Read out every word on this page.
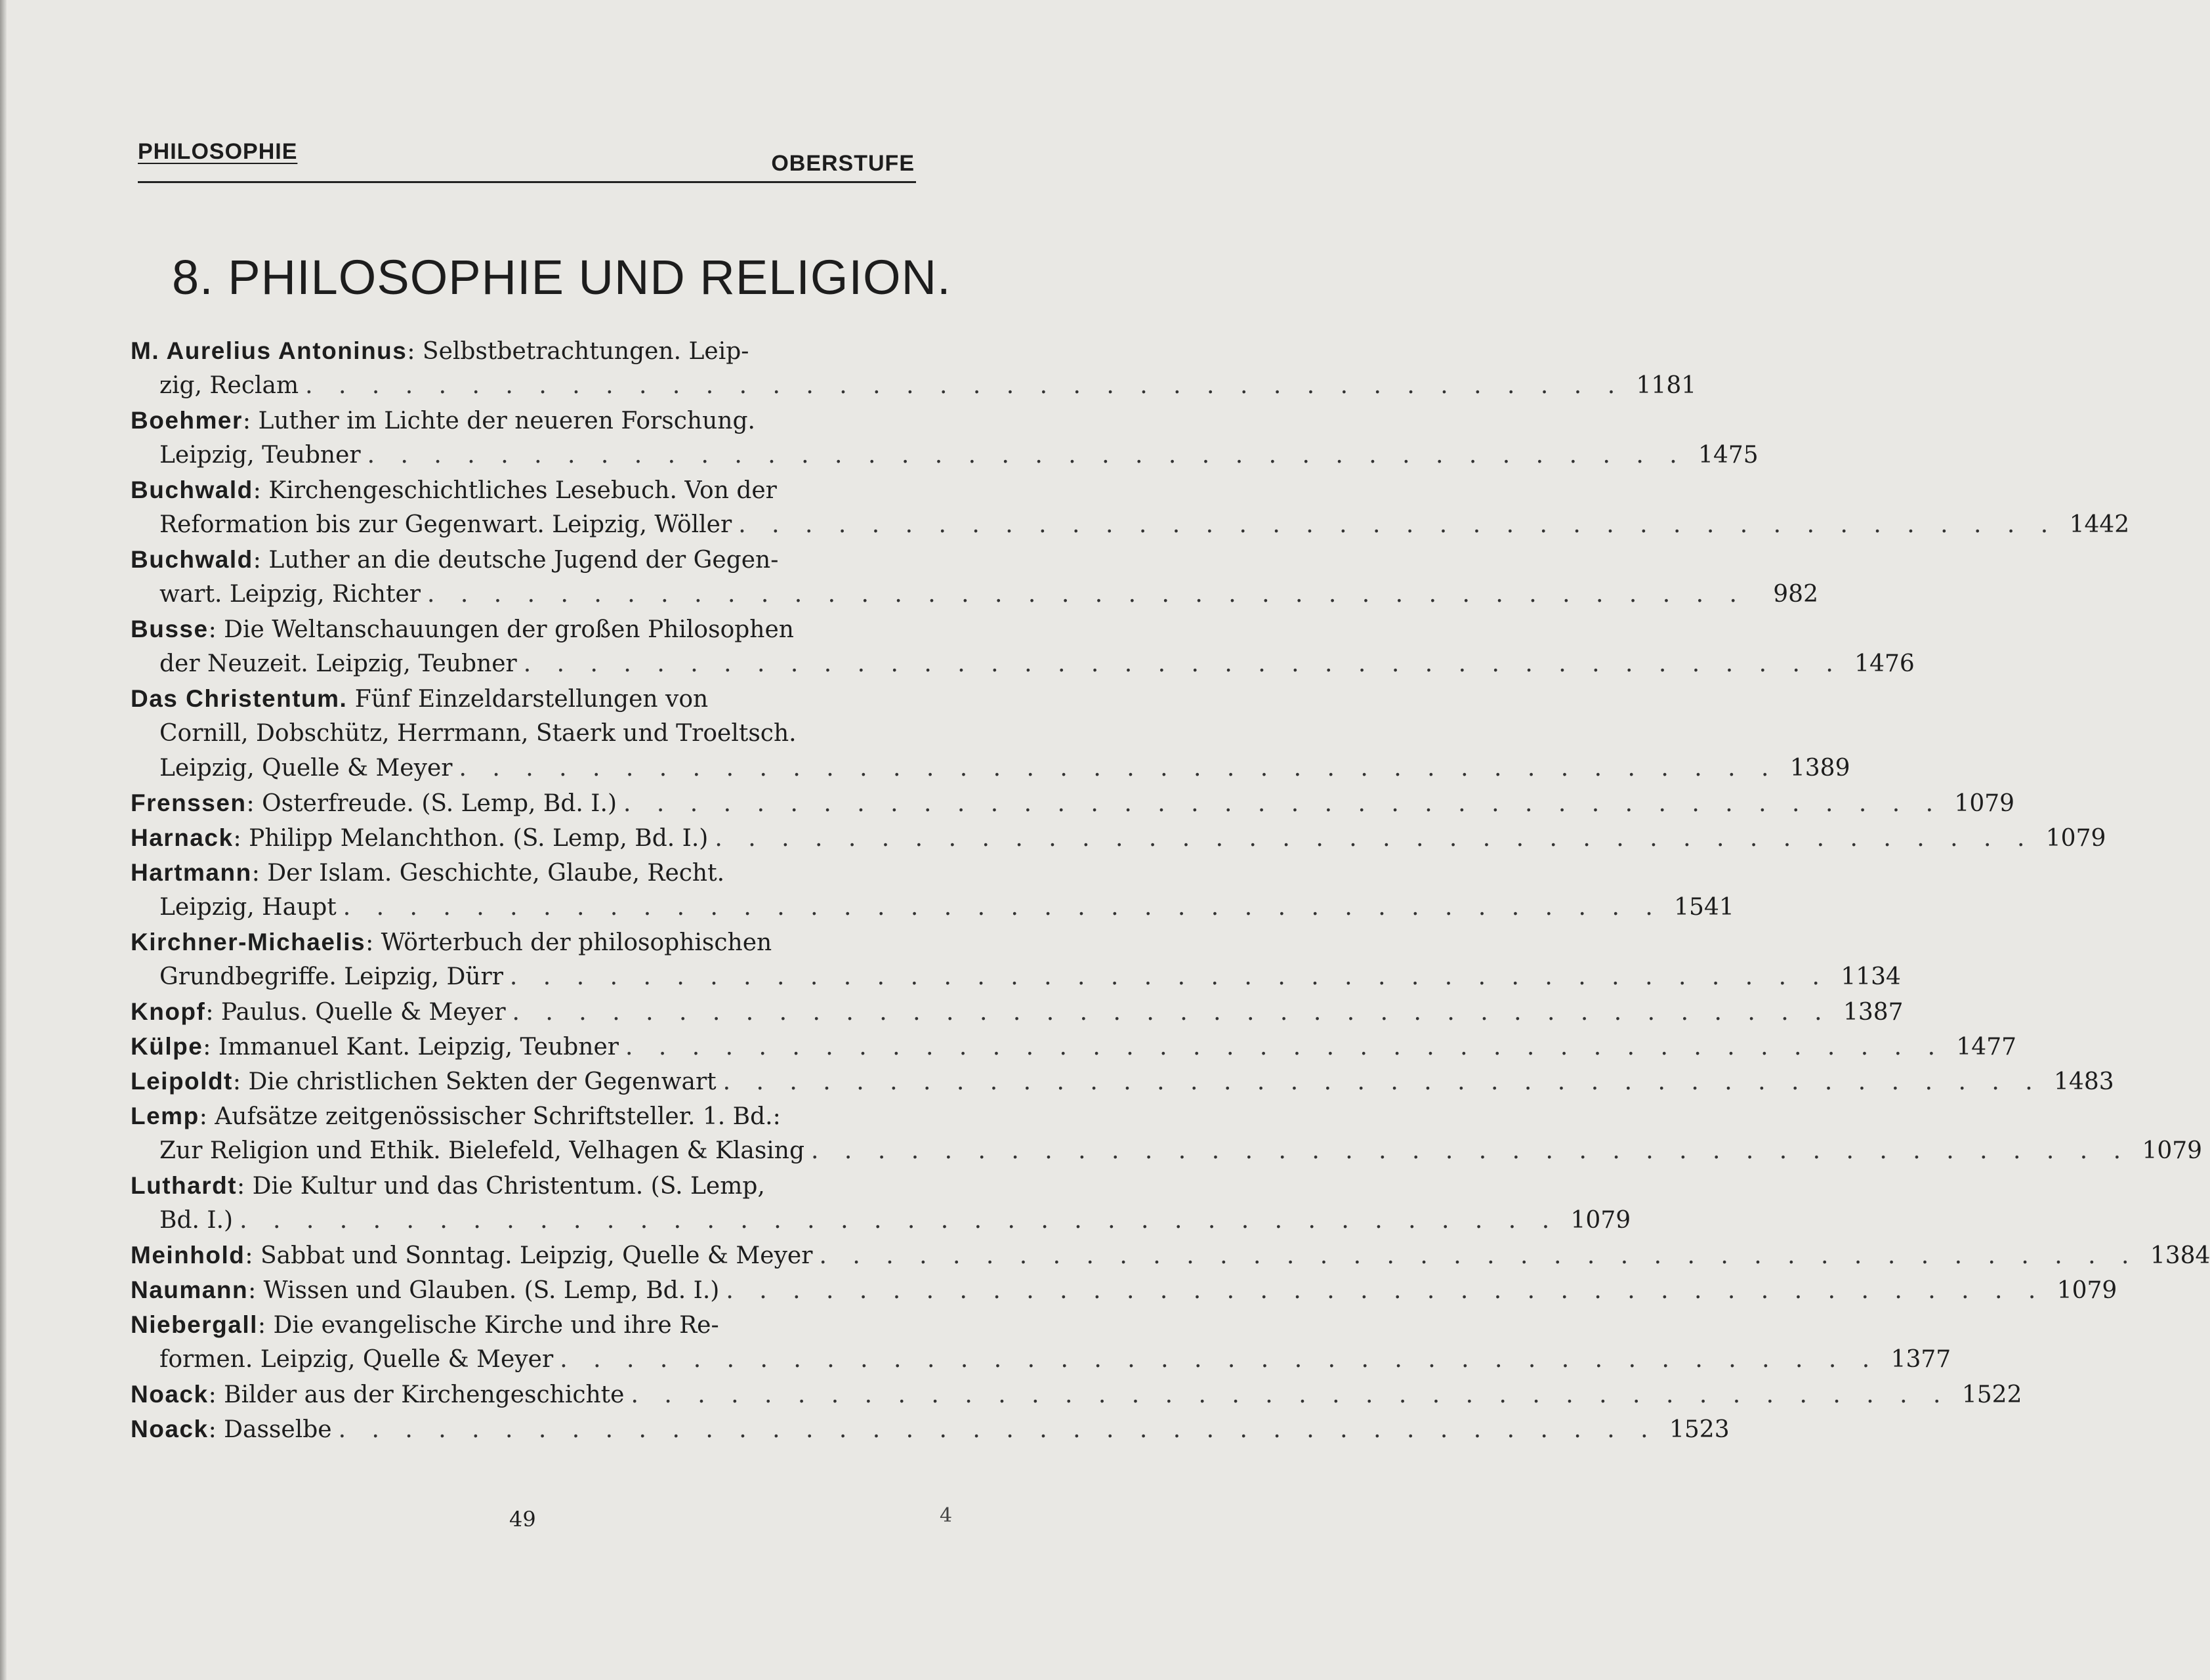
PHILOSOPHIE	OBERSTUFE
8. PHILOSOPHIE UND RELIGION.
M. Aurelius Antoninus: Selbstbetrachtungen. Leip-
zig, Reclam . . . . . . . . . . . . . . . . . . . . . . . . . . . . . . . . . . . . . . . . 1181
Boehmer: Luther im Lichte der neueren Forschung.
Leipzig, Teubner . . . . . . . . . . . . . . . . . . . . . . . . . . . . . . . . . . . . . . . . 1475
Buchwald: Kirchengeschichtliches Lesebuch. Von der
Reformation bis zur Gegenwart. Leipzig, Wöller . . . . . . . . . . . . . . . . . . . . . . . . . . . . . . . . . . . . . . . . 1442
Buchwald: Luther an die deutsche Jugend der Gegen-
wart. Leipzig, Richter . . . . . . . . . . . . . . . . . . . . . . . . . . . . . . . . . . . . . . . .	982
Busse: Die Weltanschauungen der großen Philosophen
der Neuzeit. Leipzig, Teubner . . . . . . . . . . . . . . . . . . . . . . . . . . . . . . . . . . . . . . . . 1476
Das Christentum. Fünf Einzeldarstellungen von
Cornill, Dobschütz, Herrmann, Staerk und Troeltsch.
Leipzig, Quelle & Meyer . . . . . . . . . . . . . . . . . . . . . . . . . . . . . . . . . . . . . . . . 1389
Frenssen: Osterfreude. (S. Lemp, Bd. I.) . . . . . . . . . . . . . . . . . . . . . . . . . . . . . . . . . . . . . . . . 1079
Harnack: Philipp Melanchthon. (S. Lemp, Bd. I.) . . . . . . . . . . . . . . . . . . . . . . . . . . . . . . . . . . . . . . . . 1079
Hartmann: Der Islam. Geschichte, Glaube, Recht.
Leipzig, Haupt . . . . . . . . . . . . . . . . . . . . . . . . . . . . . . . . . . . . . . . . 1541
Kirchner-Michaelis: Wörterbuch der philosophischen
Grundbegriffe. Leipzig, Dürr . . . . . . . . . . . . . . . . . . . . . . . . . . . . . . . . . . . . . . . . 1134
Knopf: Paulus. Quelle & Meyer . . . . . . . . . . . . . . . . . . . . . . . . . . . . . . . . . . . . . . . . 1387
Külpe: Immanuel Kant. Leipzig, Teubner . . . . . . . . . . . . . . . . . . . . . . . . . . . . . . . . . . . . . . . . 1477
Leipoldt: Die christlichen Sekten der Gegenwart . . . . . . . . . . . . . . . . . . . . . . . . . . . . . . . . . . . . . . . . 1483
Lemp: Aufsätze zeitgenössischer Schriftsteller. 1. Bd.:
Zur Religion und Ethik. Bielefeld, Velhagen & Klasing . . . . . . . . . . . . . . . . . . . . . . . . . . . . . . . . . . . . . . . . 1079
Luthardt: Die Kultur und das Christentum. (S. Lemp,
Bd. I.) . . . . . . . . . . . . . . . . . . . . . . . . . . . . . . . . . . . . . . . . 1079
Meinhold: Sabbat und Sonntag. Leipzig, Quelle & Meyer . . . . . . . . . . . . . . . . . . . . . . . . . . . . . . . . . . . . . . . . 1384
Naumann: Wissen und Glauben. (S. Lemp, Bd. I.) . . . . . . . . . . . . . . . . . . . . . . . . . . . . . . . . . . . . . . . . 1079
Niebergall: Die evangelische Kirche und ihre Re-
formen. Leipzig, Quelle & Meyer . . . . . . . . . . . . . . . . . . . . . . . . . . . . . . . . . . . . . . . . 1377
Noack: Bilder aus der Kirchengeschichte . . . . . . . . . . . . . . . . . . . . . . . . . . . . . . . . . . . . . . . . 1522
Noack: Dasselbe . . . . . . . . . . . . . . . . . . . . . . . . . . . . . . . . . . . . . . . . 1523
49	4
